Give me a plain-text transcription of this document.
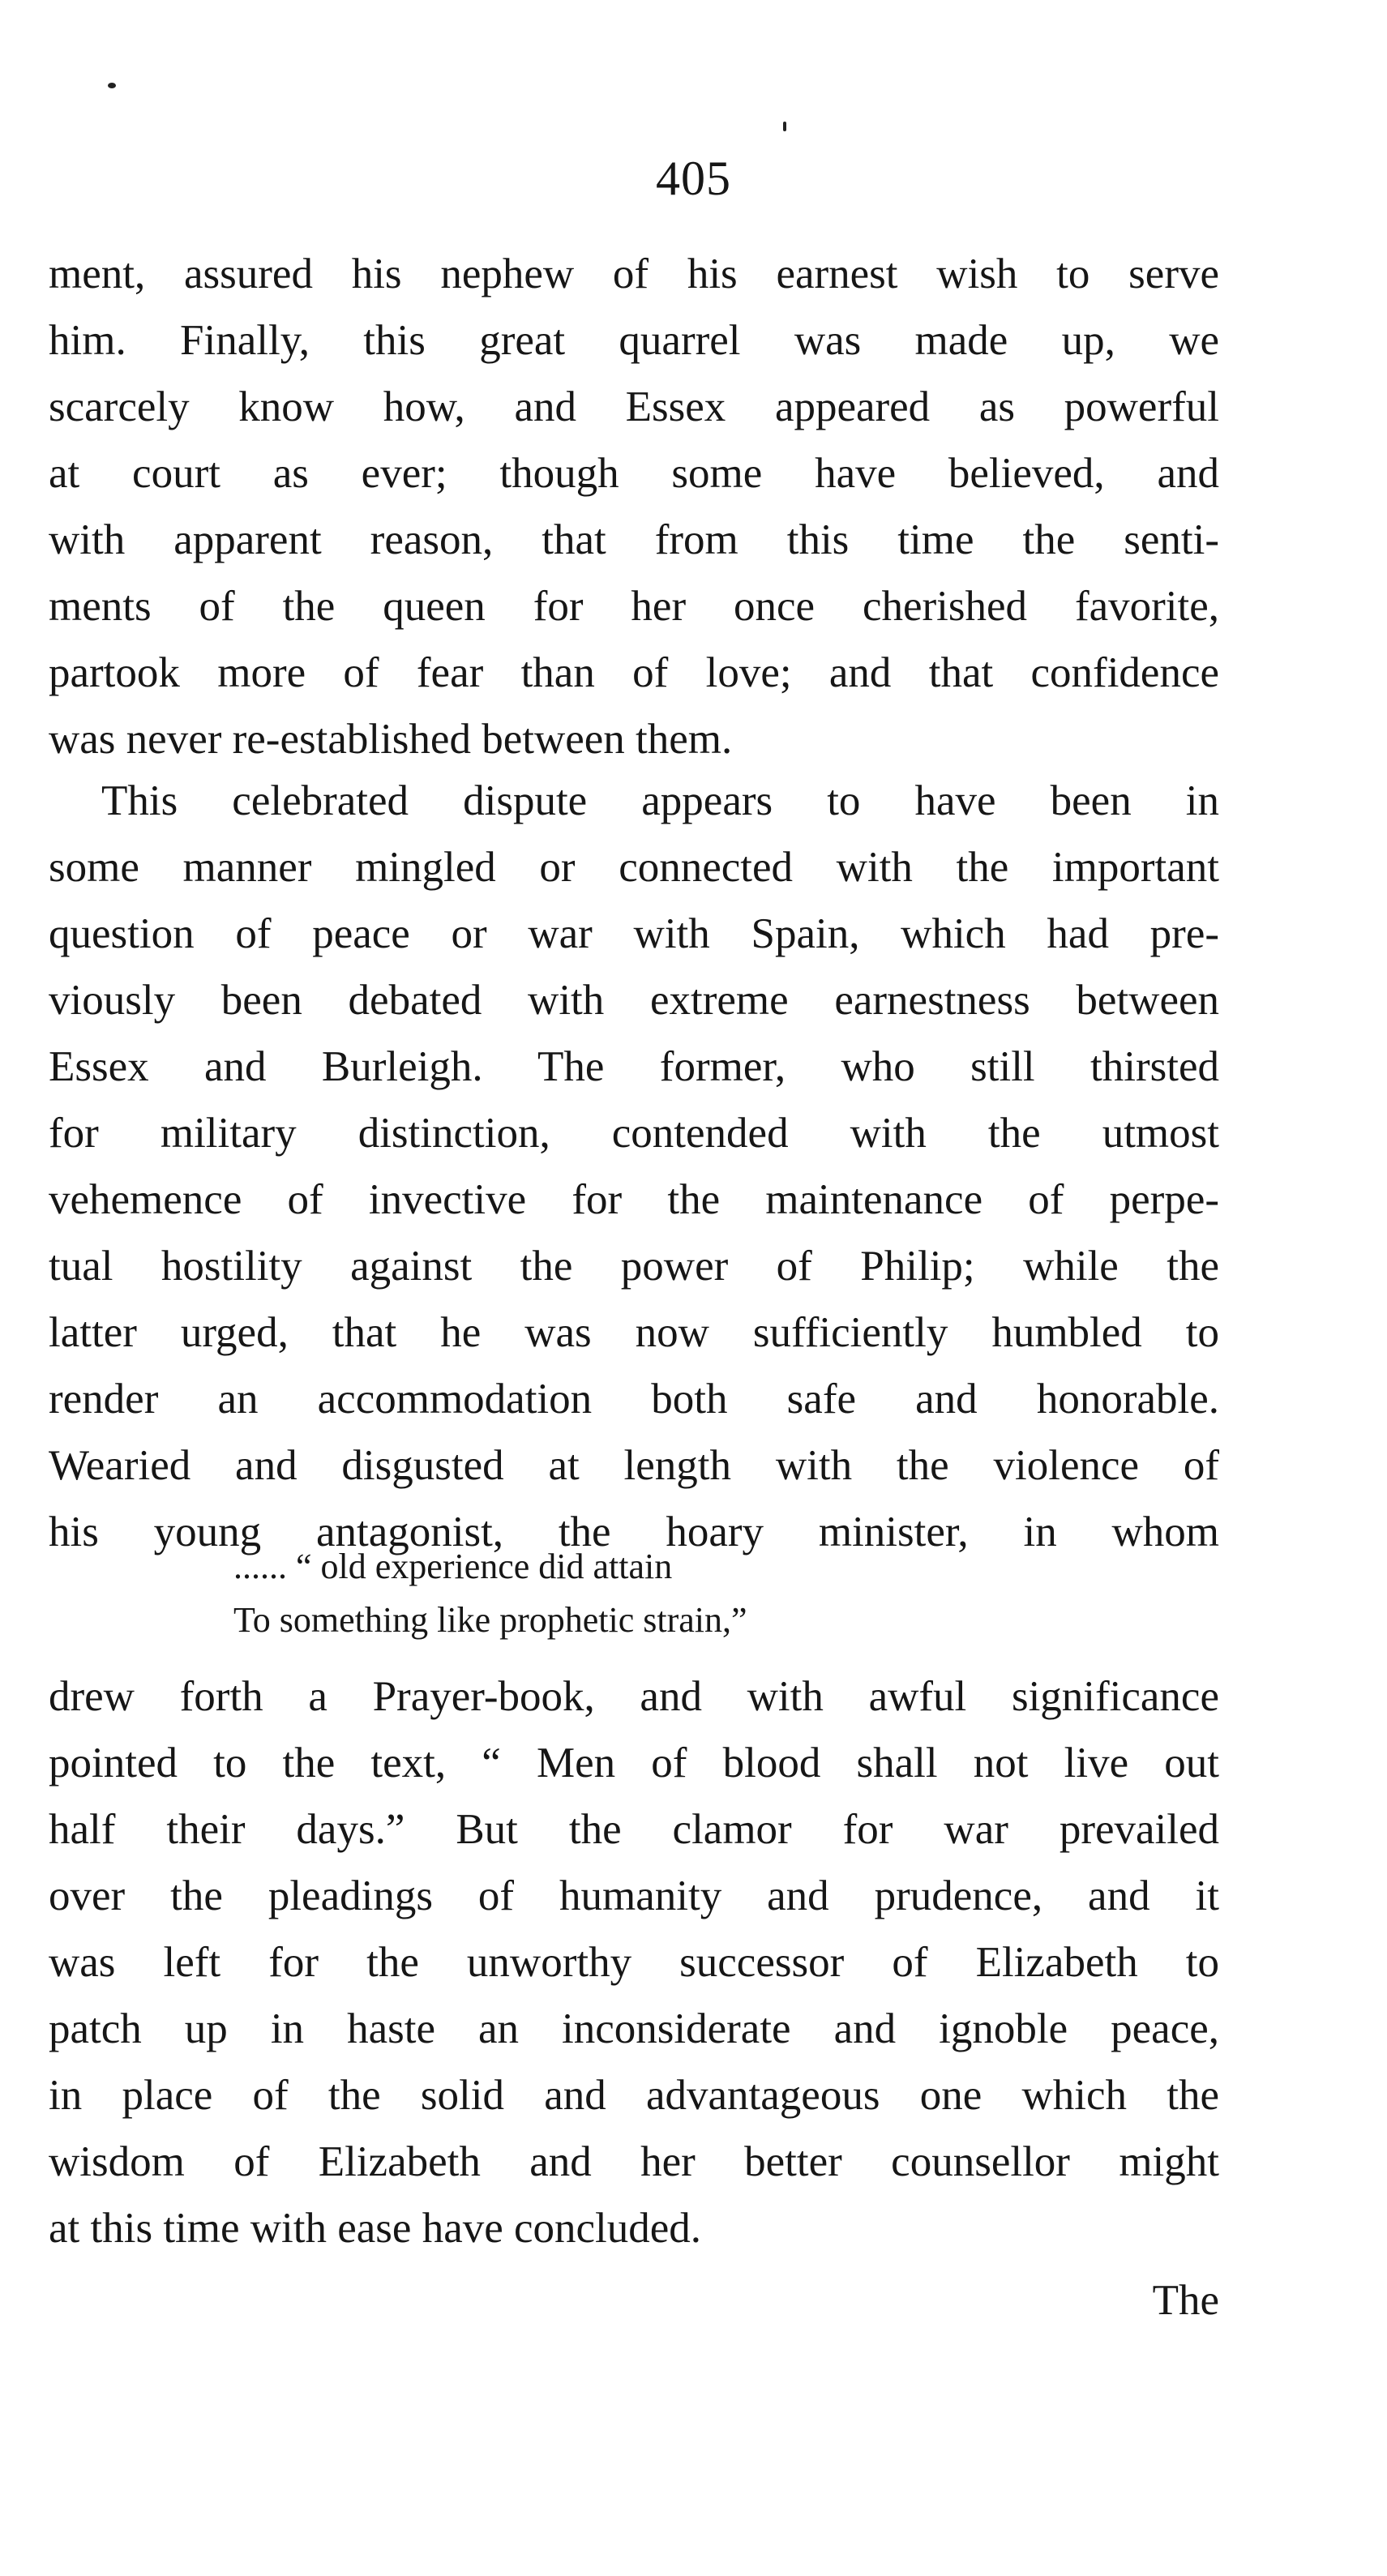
405
ment, assured his nephew of his earnest wish to serve
him. Finally, this great quarrel was made up, we
scarcely know how, and Essex appeared as powerful
at court as ever; though some have believed, and
with apparent reason, that from this time the senti-
ments of the queen for her once cherished favorite,
partook more of fear than of love; and that confidence
was never re-established between them.
This celebrated dispute appears to have been in
some manner mingled or connected with the important
question of peace or war with Spain, which had pre-
viously been debated with extreme earnestness between
Essex and Burleigh. The former, who still thirsted
for military distinction, contended with the utmost
vehemence of invective for the maintenance of perpe-
tual hostility against the power of Philip; while the
latter urged, that he was now sufficiently humbled to
render an accommodation both safe and honorable.
Wearied and disgusted at length with the violence of
his young antagonist, the hoary minister, in whom
...... “ old experience did attain
To something like prophetic strain,”
drew forth a Prayer-book, and with awful significance
pointed to the text, “ Men of blood shall not live out
half their days.” But the clamor for war prevailed
over the pleadings of humanity and prudence, and it
was left for the unworthy successor of Elizabeth to
patch up in haste an inconsiderate and ignoble peace,
in place of the solid and advantageous one which the
wisdom of Elizabeth and her better counsellor might
at this time with ease have concluded.
The
